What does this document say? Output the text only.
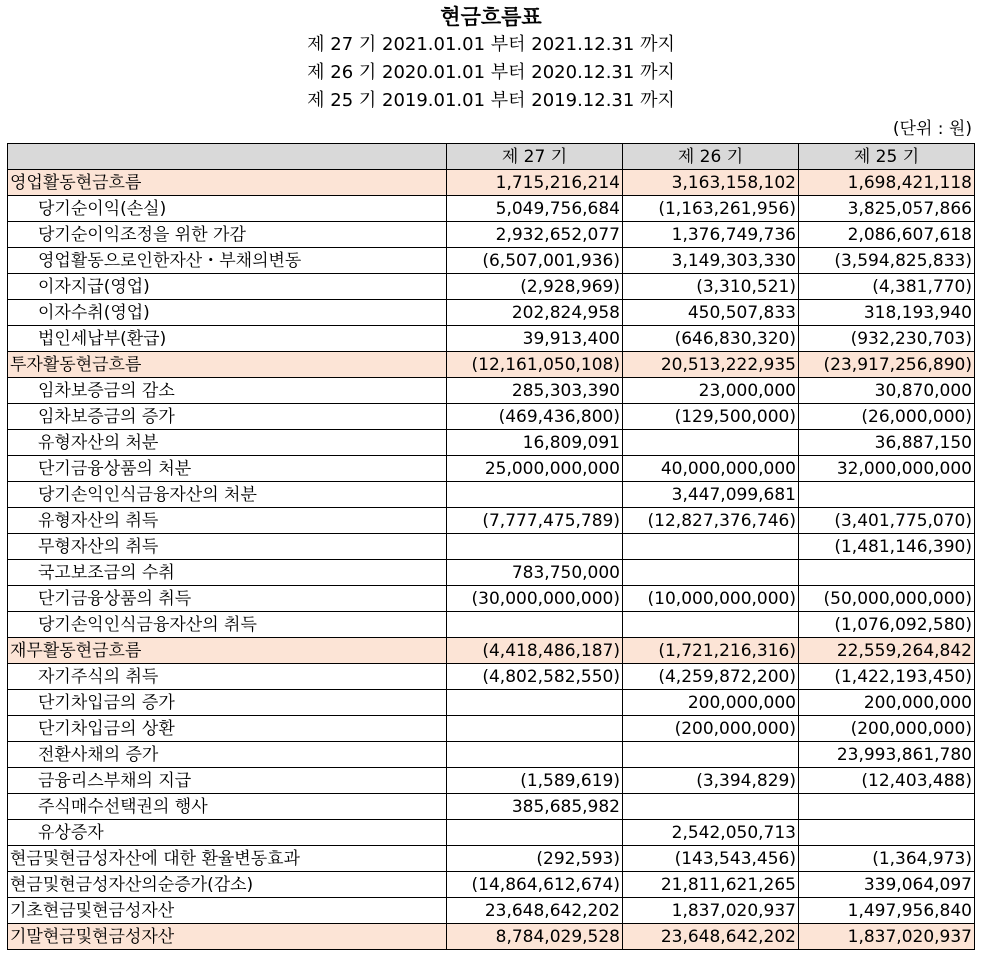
현금흐름표
제 27 기 2021.01.01 부터 2021.12.31 까지
제 26 기 2020.01.01 부터 2020.12.31 까지
제 25 기 2019.01.01 부터 2019.12.31 까지
(단위 : 원)
	제 27 기	제 26 기	제 25 기
영업활동현금흐름	1,715,216,214	3,163,158,102	1,698,421,118
당기순이익(손실)	5,049,756,684	(1,163,261,956)	3,825,057,866
당기순이익조정을 위한 가감	2,932,652,077	1,376,749,736	2,086,607,618
영업활동으로인한자산・부채의변동	(6,507,001,936)	3,149,303,330	(3,594,825,833)
이자지급(영업)	(2,928,969)	(3,310,521)	(4,381,770)
이자수취(영업)	202,824,958	450,507,833	318,193,940
법인세납부(환급)	39,913,400	(646,830,320)	(932,230,703)
투자활동현금흐름	(12,161,050,108)	20,513,222,935	(23,917,256,890)
임차보증금의 감소	285,303,390	23,000,000	30,870,000
임차보증금의 증가	(469,436,800)	(129,500,000)	(26,000,000)
유형자산의 처분	16,809,091		36,887,150
단기금융상품의 처분	25,000,000,000	40,000,000,000	32,000,000,000
당기손익인식금융자산의 처분		3,447,099,681	
유형자산의 취득	(7,777,475,789)	(12,827,376,746)	(3,401,775,070)
무형자산의 취득			(1,481,146,390)
국고보조금의 수취	783,750,000		
단기금융상품의 취득	(30,000,000,000)	(10,000,000,000)	(50,000,000,000)
당기손익인식금융자산의 취득			(1,076,092,580)
재무활동현금흐름	(4,418,486,187)	(1,721,216,316)	22,559,264,842
자기주식의 취득	(4,802,582,550)	(4,259,872,200)	(1,422,193,450)
단기차입금의 증가		200,000,000	200,000,000
단기차입금의 상환		(200,000,000)	(200,000,000)
전환사채의 증가			23,993,861,780
금융리스부채의 지급	(1,589,619)	(3,394,829)	(12,403,488)
주식매수선택권의 행사	385,685,982		
유상증자		2,542,050,713	
현금및현금성자산에 대한 환율변동효과	(292,593)	(143,543,456)	(1,364,973)
현금및현금성자산의순증가(감소)	(14,864,612,674)	21,811,621,265	339,064,097
기초현금및현금성자산	23,648,642,202	1,837,020,937	1,497,956,840
기말현금및현금성자산	8,784,029,528	23,648,642,202	1,837,020,937
